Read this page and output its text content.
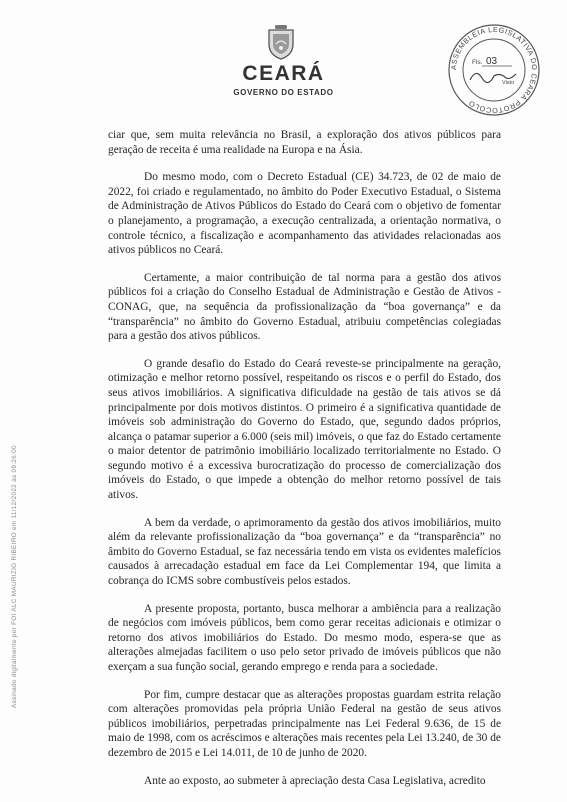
CEARÁ
GOVERNO DO ESTADO
ASSEMBLEIA LEGISLATIVA DO CEARÁ PROTOCOLO
Fls. 03
Visto
Assinado digitalmente por FOI ALC MAURIZIO RIBEIRO em 11/12/2022 às 09:26:00

ciar que, sem muita relevância no Brasil, a exploração dos ativos públicos para geração de receita é uma realidade na Europa e na Ásia.

Do mesmo modo, com o Decreto Estadual (CE) 34.723, de 02 de maio de 2022, foi criado e regulamentado, no âmbito do Poder Executivo Estadual, o Sistema de Administração de Ativos Públicos do Estado do Ceará com o objetivo de fomentar o planejamento, a programação, a execução centralizada, a orientação normativa, o controle técnico, a fiscalização e acompanhamento das atividades relacionadas aos ativos públicos no Ceará.

Certamente, a maior contribuição de tal norma para a gestão dos ativos públicos foi a criação do Conselho Estadual de Administração e Gestão de Ativos - CONAG, que, na sequência da profissionalização da “boa governança” e da “transparência” no âmbito do Governo Estadual, atribuiu competências colegiadas para a gestão dos ativos públicos.

O grande desafio do Estado do Ceará reveste-se principalmente na geração, otimização e melhor retorno possível, respeitando os riscos e o perfil do Estado, dos seus ativos imobiliários. A significativa dificuldade na gestão de tais ativos se dá principalmente por dois motivos distintos. O primeiro é a significativa quantidade de imóveis sob administração do Governo do Estado, que, segundo dados próprios, alcança o patamar superior a 6.000 (seis mil) imóveis, o que faz do Estado certamente o maior detentor de patrimônio imobiliário localizado territorialmente no Estado. O segundo motivo é a excessiva burocratização do processo de comercialização dos imóveis do Estado, o que impede a obtenção do melhor retorno possível de tais ativos.

A bem da verdade, o aprimoramento da gestão dos ativos imobiliários, muito além da relevante profissionalização da “boa governança” e da “transparência” no âmbito do Governo Estadual, se faz necessária tendo em vista os evidentes malefícios causados à arrecadação estadual em face da Lei Complementar 194, que limita a cobrança do ICMS sobre combustíveis pelos estados.

A presente proposta, portanto, busca melhorar a ambiência para a realização de negócios com imóveis públicos, bem como gerar receitas adicionais e otimizar o retorno dos ativos imobiliários do Estado. Do mesmo modo, espera-se que as alterações almejadas facilitem o uso pelo setor privado de imóveis públicos que não exerçam a sua função social, gerando emprego e renda para a sociedade.

Por fim, cumpre destacar que as alterações propostas guardam estrita relação com alterações promovidas pela própria União Federal na gestão de seus ativos públicos imobiliários, perpetradas principalmente nas Lei Federal 9.636, de 15 de maio de 1998, com os acréscimos e alterações mais recentes pela Lei 13.240, de 30 de dezembro de 2015 e Lei 14.011, de 10 de junho de 2020.

Ante ao exposto, ao submeter à apreciação desta Casa Legislativa, acredito
